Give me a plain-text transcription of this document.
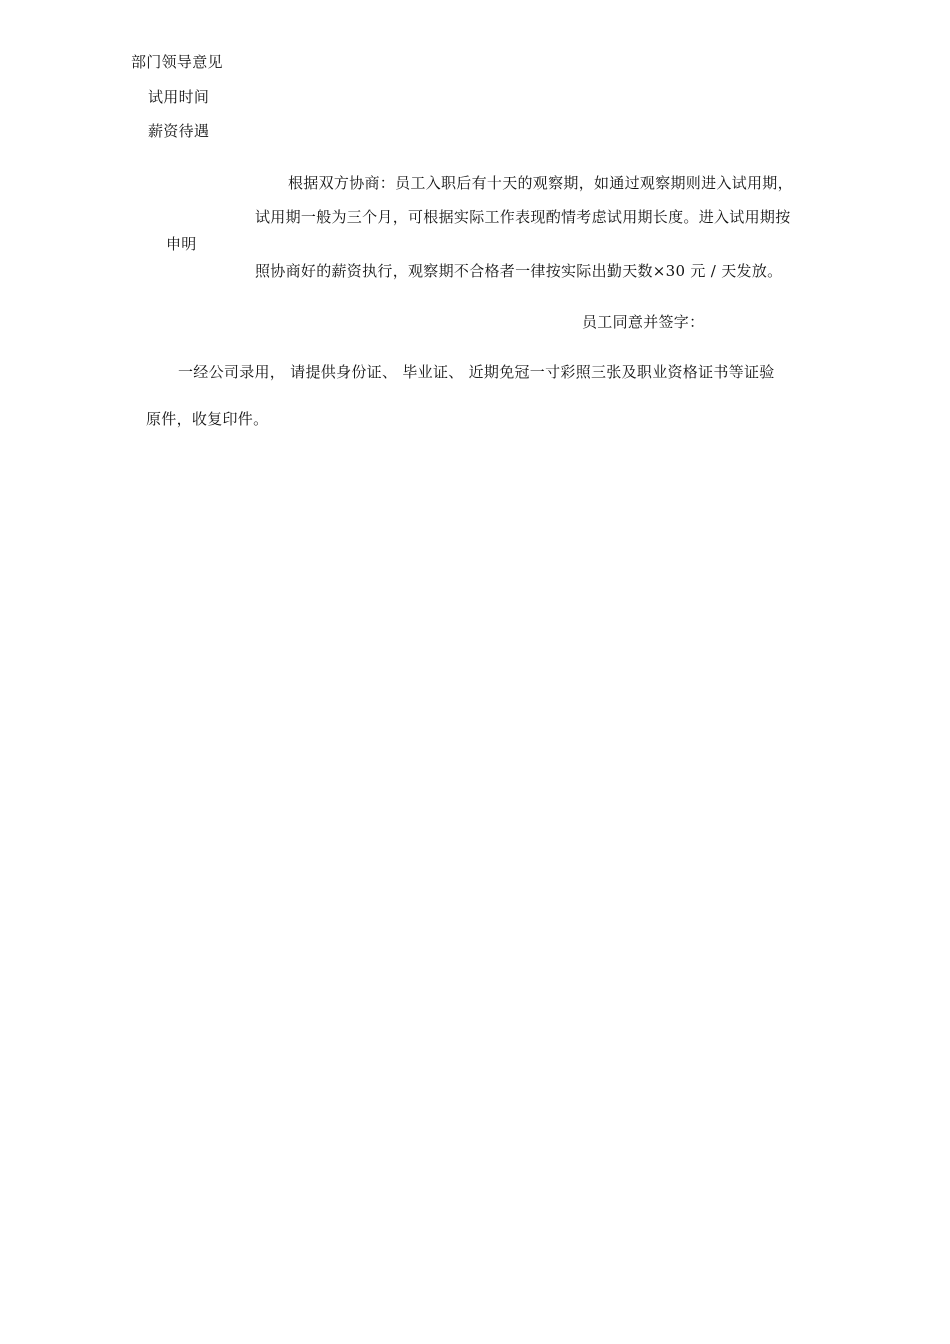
部门领导意见
试用时间
薪资待遇
申明
根据双方协商：员工入职后有十天的观察期，如通过观察期则进入试用期，
试用期一般为三个月，可根据实际工作表现酌情考虑试用期长度。进入试用期按
照协商好的薪资执行，观察期不合格者一律按实际出勤天数×30 元 / 天发放。
员工同意并签字：
一经公司录用， 请提供身份证、 毕业证、 近期免冠一寸彩照三张及职业资格证书等证验
原件，收复印件。
